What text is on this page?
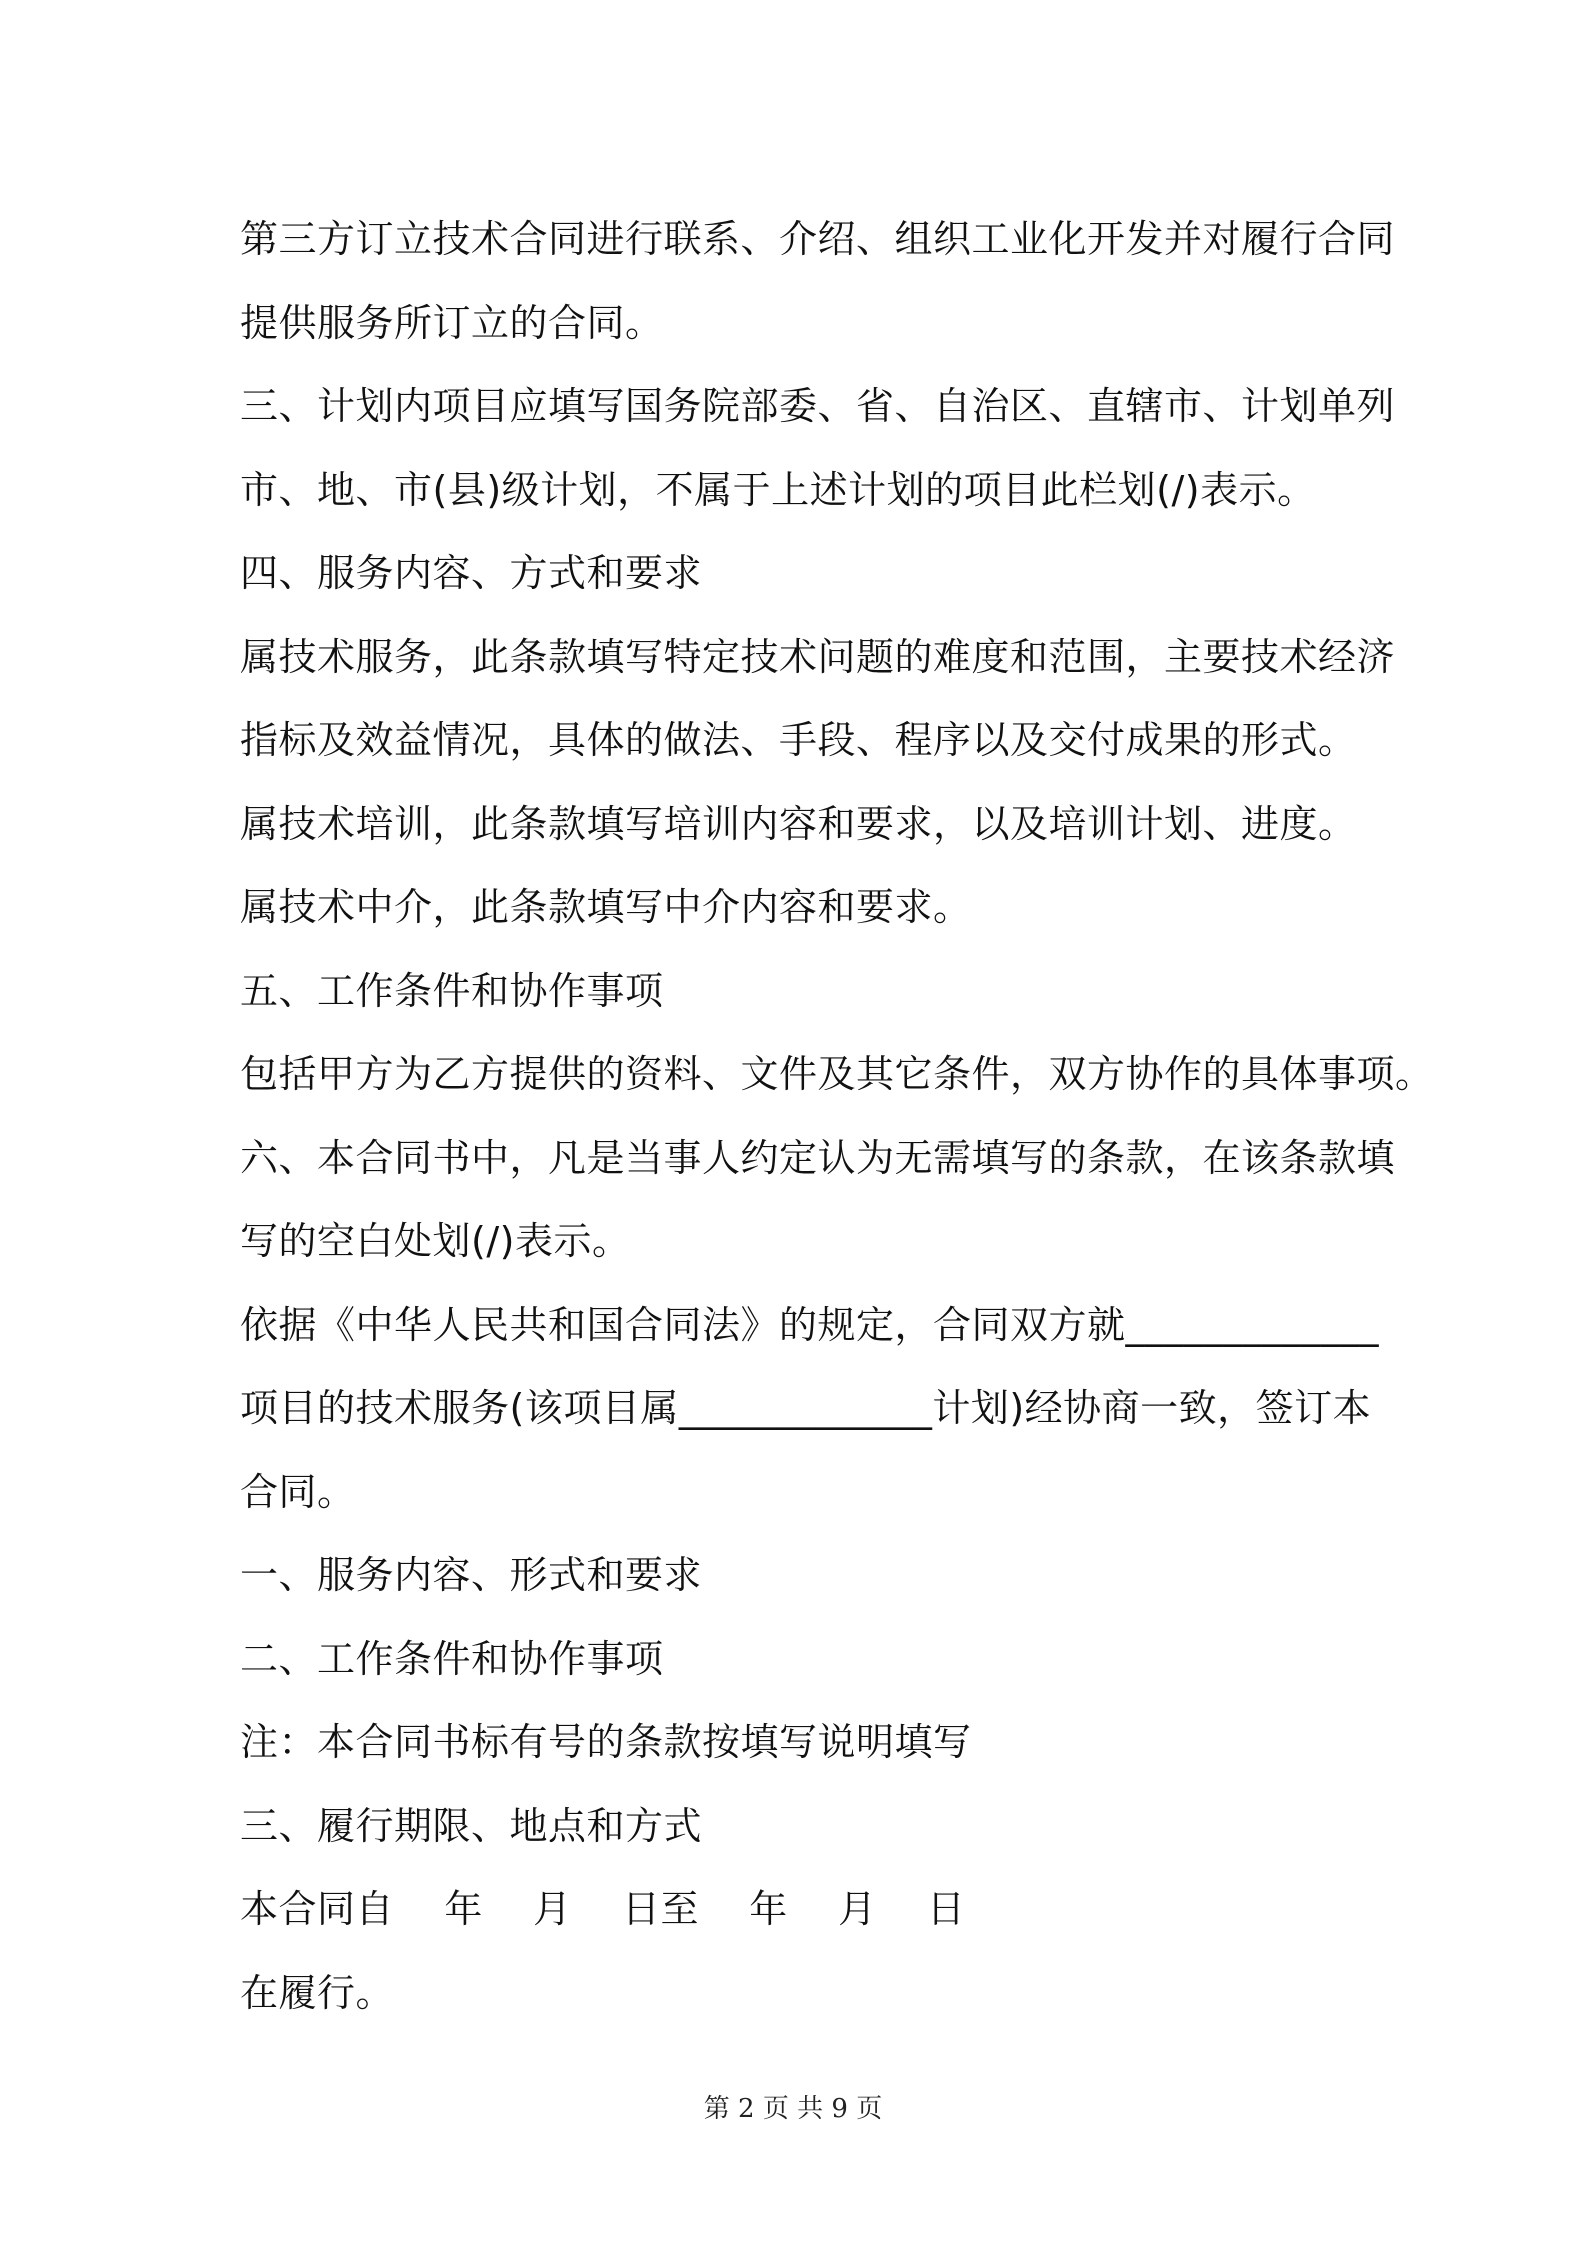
第三方订立技术合同进行联系、介绍、组织工业化开发并对履行合同
提供服务所订立的合同。
三、计划内项目应填写国务院部委、省、自治区、直辖市、计划单列
市、地、市(县)级计划，不属于上述计划的项目此栏划(/)表示。
四、服务内容、方式和要求
属技术服务，此条款填写特定技术问题的难度和范围，主要技术经济
指标及效益情况，具体的做法、手段、程序以及交付成果的形式。
属技术培训，此条款填写培训内容和要求，以及培训计划、进度。
属技术中介，此条款填写中介内容和要求。
五、工作条件和协作事项
包括甲方为乙方提供的资料、文件及其它条件，双方协作的具体事项。
六、本合同书中，凡是当事人约定认为无需填写的条款，在该条款填
写的空白处划(/)表示。
依据《中华人民共和国合同法》的规定，合同双方就_____________
项目的技术服务(该项目属_____________计划)经协商一致，签订本
合同。
一、服务内容、形式和要求
二、工作条件和协作事项
注：本合同书标有号的条款按填写说明填写
三、履行期限、地点和方式
本合同自    年    月    日至    年    月    日
在履行。
第 2 页 共 9 页
